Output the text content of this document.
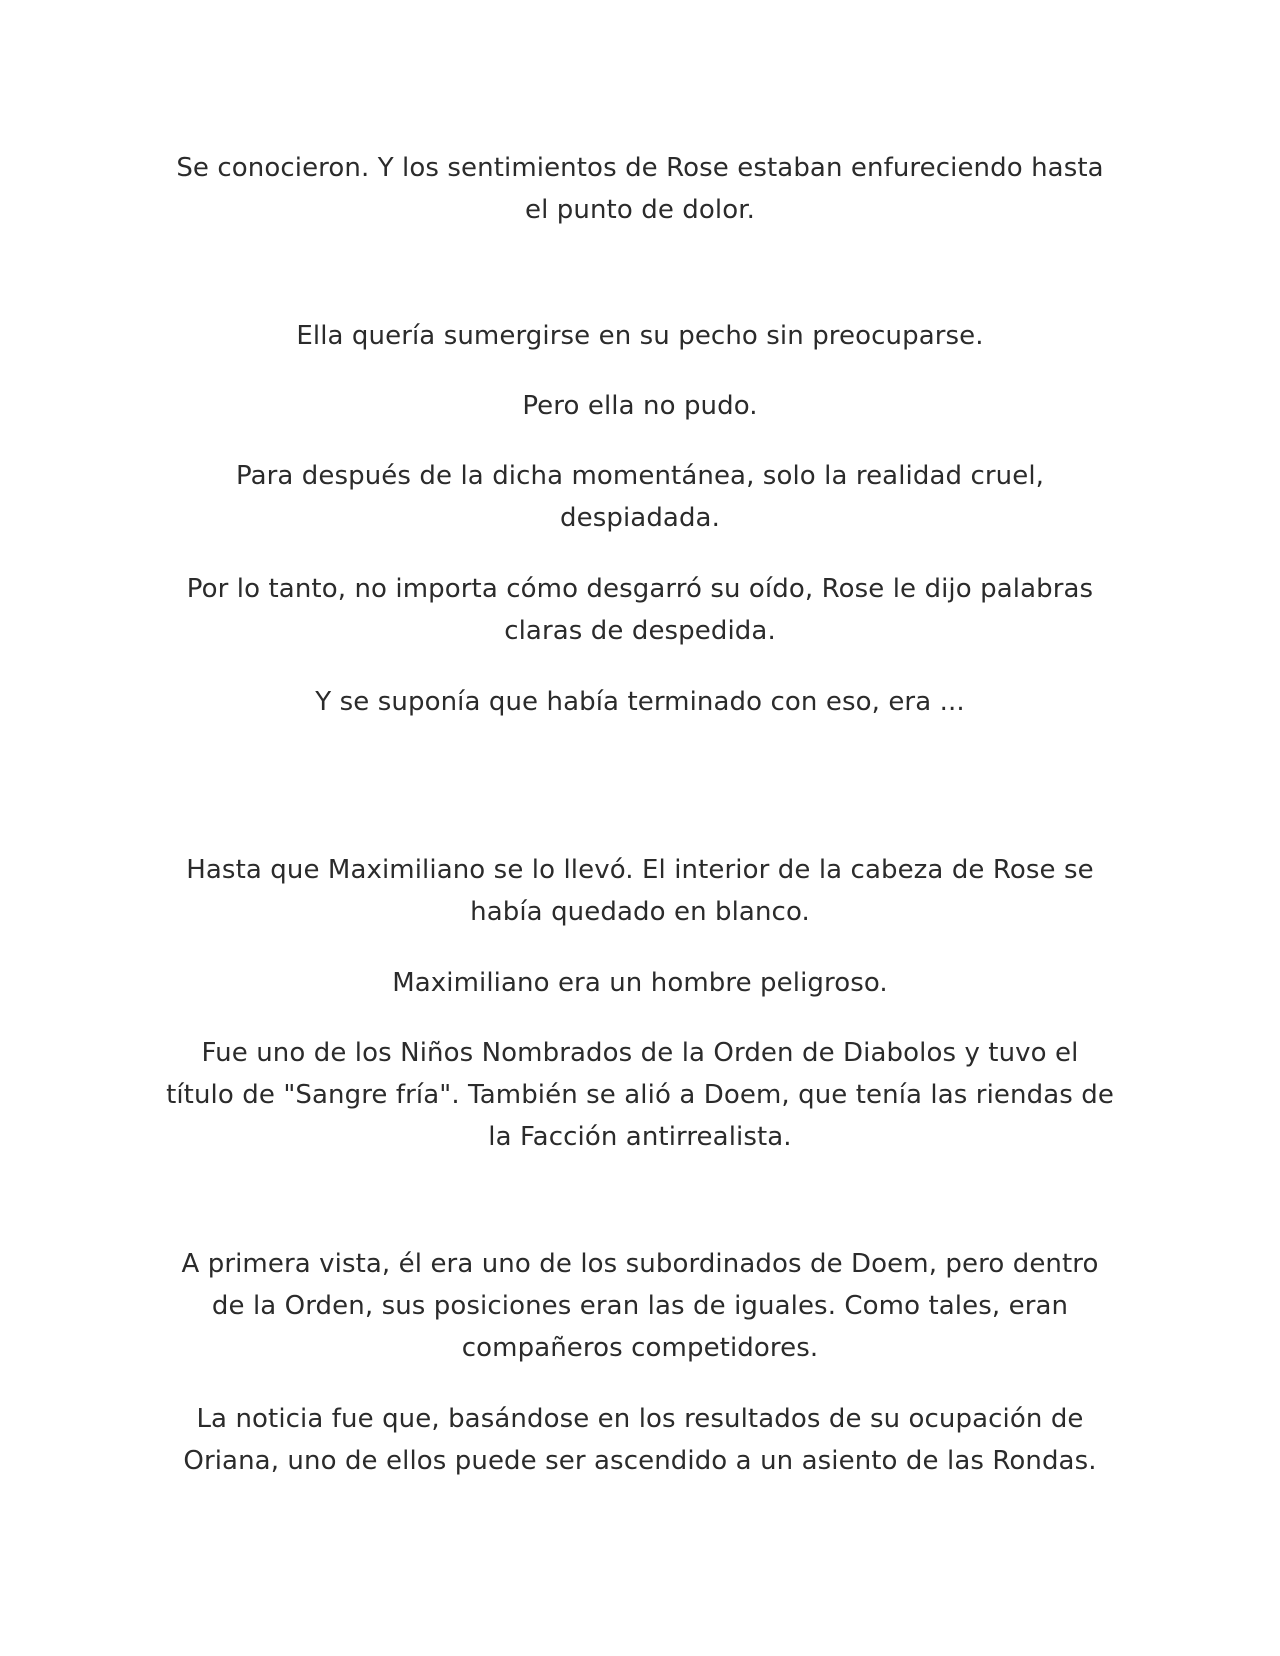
Se conocieron. Y los sentimientos de Rose estaban enfureciendo hasta el punto de dolor.

Ella quería sumergirse en su pecho sin preocuparse.

Pero ella no pudo.

Para después de la dicha momentánea, solo la realidad cruel, despiadada.

Por lo tanto, no importa cómo desgarró su oído, Rose le dijo palabras claras de despedida.

Y se suponía que había terminado con eso, era ...

Hasta que Maximiliano se lo llevó. El interior de la cabeza de Rose se había quedado en blanco.

Maximiliano era un hombre peligroso.

Fue uno de los Niños Nombrados de la Orden de Diabolos y tuvo el título de "Sangre fría". También se alió a Doem, que tenía las riendas de la Facción antirrealista.

A primera vista, él era uno de los subordinados de Doem, pero dentro de la Orden, sus posiciones eran las de iguales. Como tales, eran compañeros competidores.

La noticia fue que, basándose en los resultados de su ocupación de Oriana, uno de ellos puede ser ascendido a un asiento de las Rondas.
